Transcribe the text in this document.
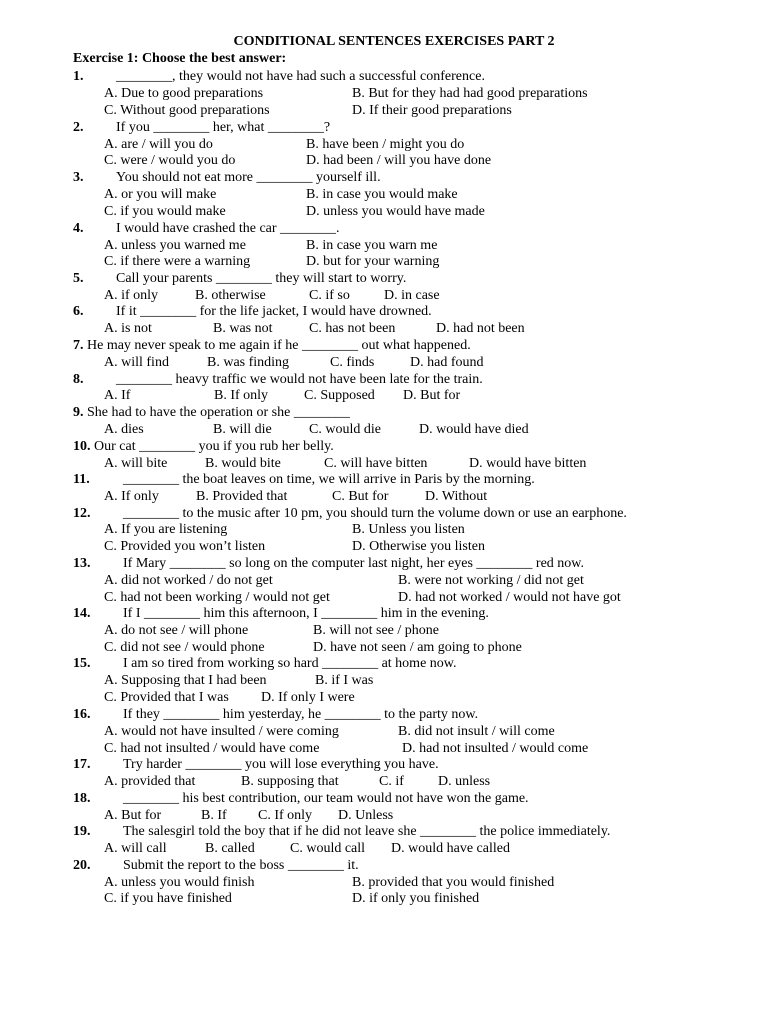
CONDITIONAL SENTENCES EXERCISES PART 2
Exercise 1: Choose the best answer:
1. ________, they would not have had such a successful conference.
A. Due to good preparations	B. But for they had had good preparations
C. Without good preparations	D. If their good preparations
2. If you ________ her, what ________?
A. are / will you do	B. have been / might you do
C. were / would you do	D. had been / will you have done
3. You should not eat more ________ yourself ill.
A. or you will make	B. in case you would make
C. if you would make	D. unless you would have made
4. I would have crashed the car ________.
A. unless you warned me	B. in case you warn me
C. if there were a warning	D. but for your warning
5. Call your parents ________ they will start to worry.
A. if only	B. otherwise	C. if so D. in case
6. If it ________ for the life jacket, I would have drowned.
A. is not	B. was not	C. has not been	D. had not been
7. He may never speak to me again if he ________ out what happened.
A. will find	B. was finding	C. finds	D. had found
8. ________ heavy traffic we would not have been late for the train.
A. If	B. If only	C. Supposed D. But for
9. She had to have the operation or she ________
A. dies	B. will die	C. would die	D. would have died
10. Our cat ________ you if you rub her belly.
A. will bite	B. would bite	C. will have bitten	D. would have bitten
11. ________ the boat leaves on time, we will arrive in Paris by the morning.
A. If only	B. Provided that	C. But for	D. Without
12. ________ to the music after 10 pm, you should turn the volume down or use an earphone.
A. If you are listening	B. Unless you listen
C. Provided you won’t listen	D. Otherwise you listen
13. If Mary ________ so long on the computer last night, her eyes ________ red now.
A. did not worked / do not get	B. were not working / did not get
C. had not been working / would not get	D. had not worked / would not have got
14. If I ________ him this afternoon, I ________ him in the evening.
A. do not see / will phone	B. will not see / phone
C. did not see / would phone	D. have not seen / am going to phone
15. I am so tired from working so hard ________ at home now.
A. Supposing that I had been	B. if I was
C. Provided that I was D. If only I were
16. If they ________ him yesterday, he ________ to the party now.
A. would not have insulted / were coming	B. did not insult / will come
C. had not insulted / would have come	D. had not insulted / would come
17. Try harder ________ you will lose everything you have.
A. provided that	B. supposing that	C. if D. unless
18. ________ his best contribution, our team would not have won the game.
A. But for	B. If C. If only D. Unless
19. The salesgirl told the boy that if he did not leave she ________ the police immediately.
A. will call	B. called	C. would call D. would have called
20. Submit the report to the boss ________ it.
A. unless you would finish	B. provided that you would finished
C. if you have finished	D. if only you finished
